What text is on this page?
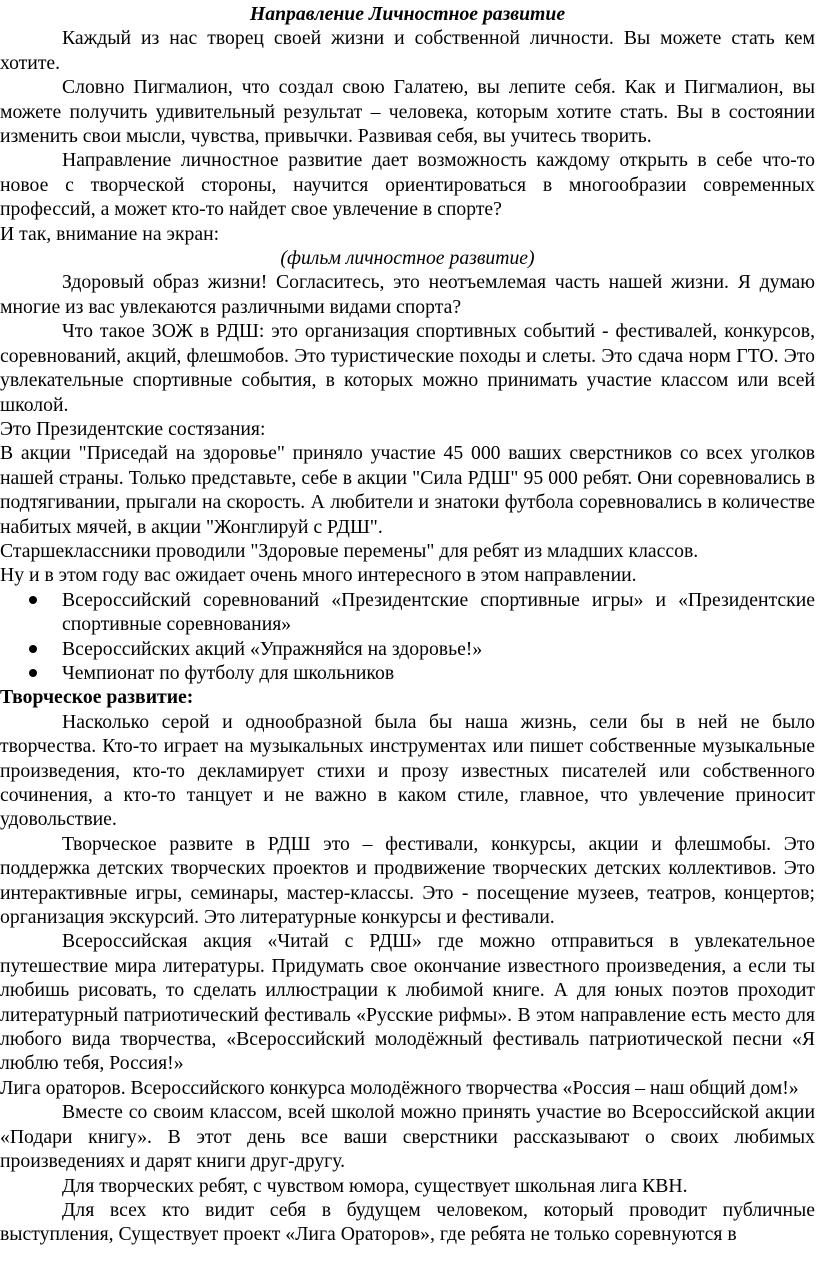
Направление Личностное развитие

Каждый из нас творец своей жизни и собственной личности. Вы можете стать кем хотите.

Словно Пигмалион, что создал свою Галатею, вы лепите себя. Как и Пигмалион, вы можете получить удивительный результат – человека, которым хотите стать. Вы в состоянии изменить свои мысли, чувства, привычки. Развивая себя, вы учитесь творить.

Направление личностное развитие дает возможность каждому открыть в себе что-то новое с творческой стороны, научится ориентироваться в многообразии современных профессий, а может кто-то найдет свое увлечение в спорте?

И так, внимание на экран:

(фильм личностное развитие)

Здоровый образ жизни! Согласитесь, это неотъемлемая часть нашей жизни. Я думаю многие из вас увлекаются различными видами спорта?

Что такое ЗОЖ в РДШ: это организация спортивных событий - фестивалей, конкурсов, соревнований, акций, флешмобов. Это туристические походы и слеты. Это сдача норм ГТО. Это увлекательные спортивные события, в которых можно принимать участие классом или всей школой.

Это Президентские состязания:

В акции "Приседай на здоровье" приняло участие 45 000 ваших сверстников со всех уголков нашей страны. Только представьте, себе в акции "Сила РДШ" 95 000 ребят. Они соревновались в подтягивании, прыгали на скорость. А любители и знатоки футбола соревновались в количестве набитых мячей, в акции "Жонглируй с РДШ".

Старшеклассники проводили "Здоровые перемены" для ребят из младших классов.

Ну и в этом году вас ожидает очень много интересного в этом направлении.

Всероссийский соревнований «Президентские спортивные игры» и «Президентские спортивные соревнования»
Всероссийских акций «Упражняйся на здоровье!»
Чемпионат по футболу для школьников

Творческое развитие:

Насколько серой и однообразной была бы наша жизнь, сели бы в ней не было творчества. Кто-то играет на музыкальных инструментах или пишет собственные музыкальные произведения, кто-то декламирует стихи и прозу известных писателей или собственного сочинения, а кто-то танцует и не важно в каком стиле, главное, что увлечение приносит удовольствие.

Творческое развите в РДШ это – фестивали, конкурсы, акции и флешмобы. Это поддержка детских творческих проектов и продвижение творческих детских коллективов. Это интерактивные игры, семинары, мастер-классы. Это - посещение музеев, театров, концертов; организация экскурсий. Это литературные конкурсы и фестивали.

Всероссийская акция «Читай с РДШ» где можно отправиться в увлекательное путешествие мира литературы. Придумать свое окончание известного произведения, а если ты любишь рисовать, то сделать иллюстрации к любимой книге. А для юных поэтов проходит литературный патриотический фестиваль «Русские рифмы». В этом направление есть место для любого вида творчества, «Всероссийский молодёжный фестиваль патриотической песни «Я люблю тебя, Россия!»

Лига ораторов. Всероссийского конкурса молодёжного творчества «Россия – наш общий дом!»

Вместе со своим классом, всей школой можно принять участие во Всероссийской акции «Подари книгу». В этот день все ваши сверстники рассказывают о своих любимых произведениях и дарят книги друг-другу.

Для творческих ребят, с чувством юмора, существует школьная лига КВН.

Для всех кто видит себя в будущем человеком, который проводит публичные выступления, Существует проект «Лига Ораторов», где ребята не только соревнуются в
